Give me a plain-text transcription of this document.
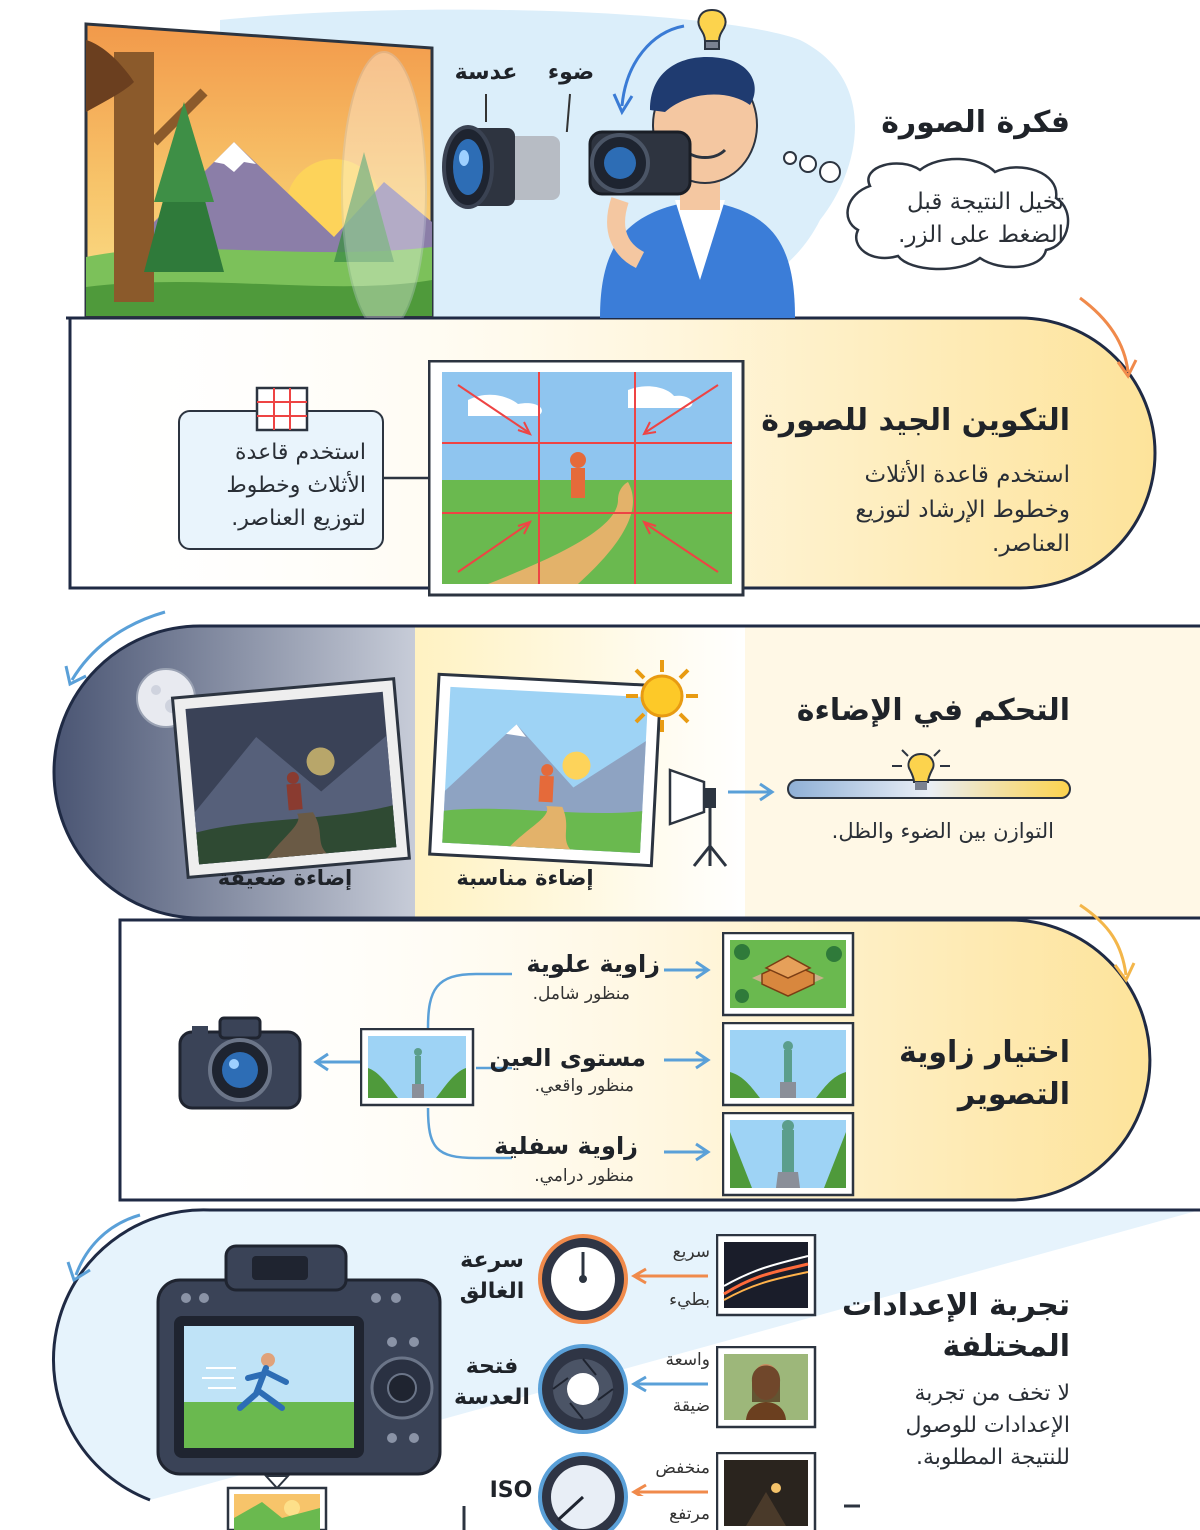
عدسة	ضوء
تخيل النتيجة قبل الضغط على الزر.
فكرة الصورة
استخدم قاعدة الأثلاث وخطوط لتوزيع العناصر.
التكوين الجيد للصورة
استخدم قاعدة الأثلاث وخطوط الإرشاد لتوزيع العناصر.
التوازن بين الضوء والظل.
التحكم في الإضاءة
إضاءة مناسبة
إضاءة ضعيفة
زاوية علوية
منظور شامل.
مستوى العين
منظور واقعي.
زاوية سفلية
منظور درامي.
اختيار زاوية التصوير
سرعة الغالق
فتحة العدسة
ISO
سريع
بطيء
واسعة
ضيقة
منخفض
مرتفع
تجربة الإعدادات المختلفة
لا تخف من تجربة الإعدادات للوصول للنتيجة المطلوبة.
